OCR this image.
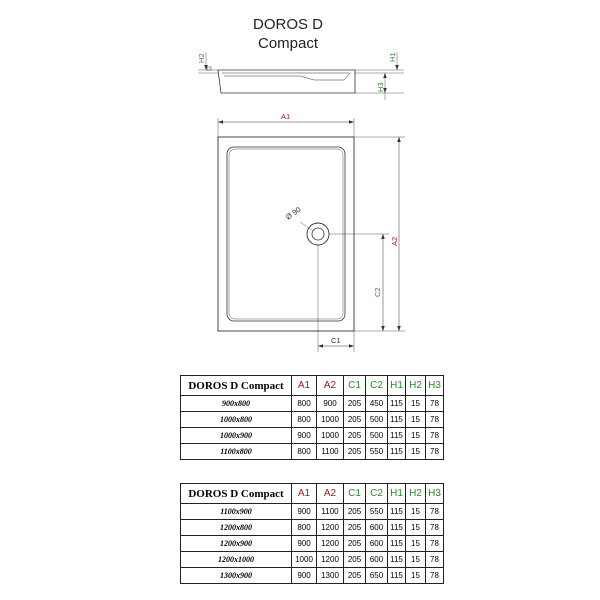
DOROS D
Compact
A1
A2
C2
C1
H2	H1
H3
Ø 90
DOROS D Compact	A1	A2	C1	C2	H1	H2	H3
900x800	800	900	205	450	115	15	78
1000x800	800	1000	205	500	115	15	78
1000x900	900	1000	205	500	115	15	78
1100x800	800	1100	205	550	115	15	78
DOROS D Compact	A1	A2	C1	C2	H1	H2	H3
1100x900	900	1100	205	550	115	15	78
1200x800	800	1200	205	600	115	15	78
1200x900	900	1200	205	600	115	15	78
1200x1000	1000	1200	205	600	115	15	78
1300x900	900	1300	205	650	115	15	78
